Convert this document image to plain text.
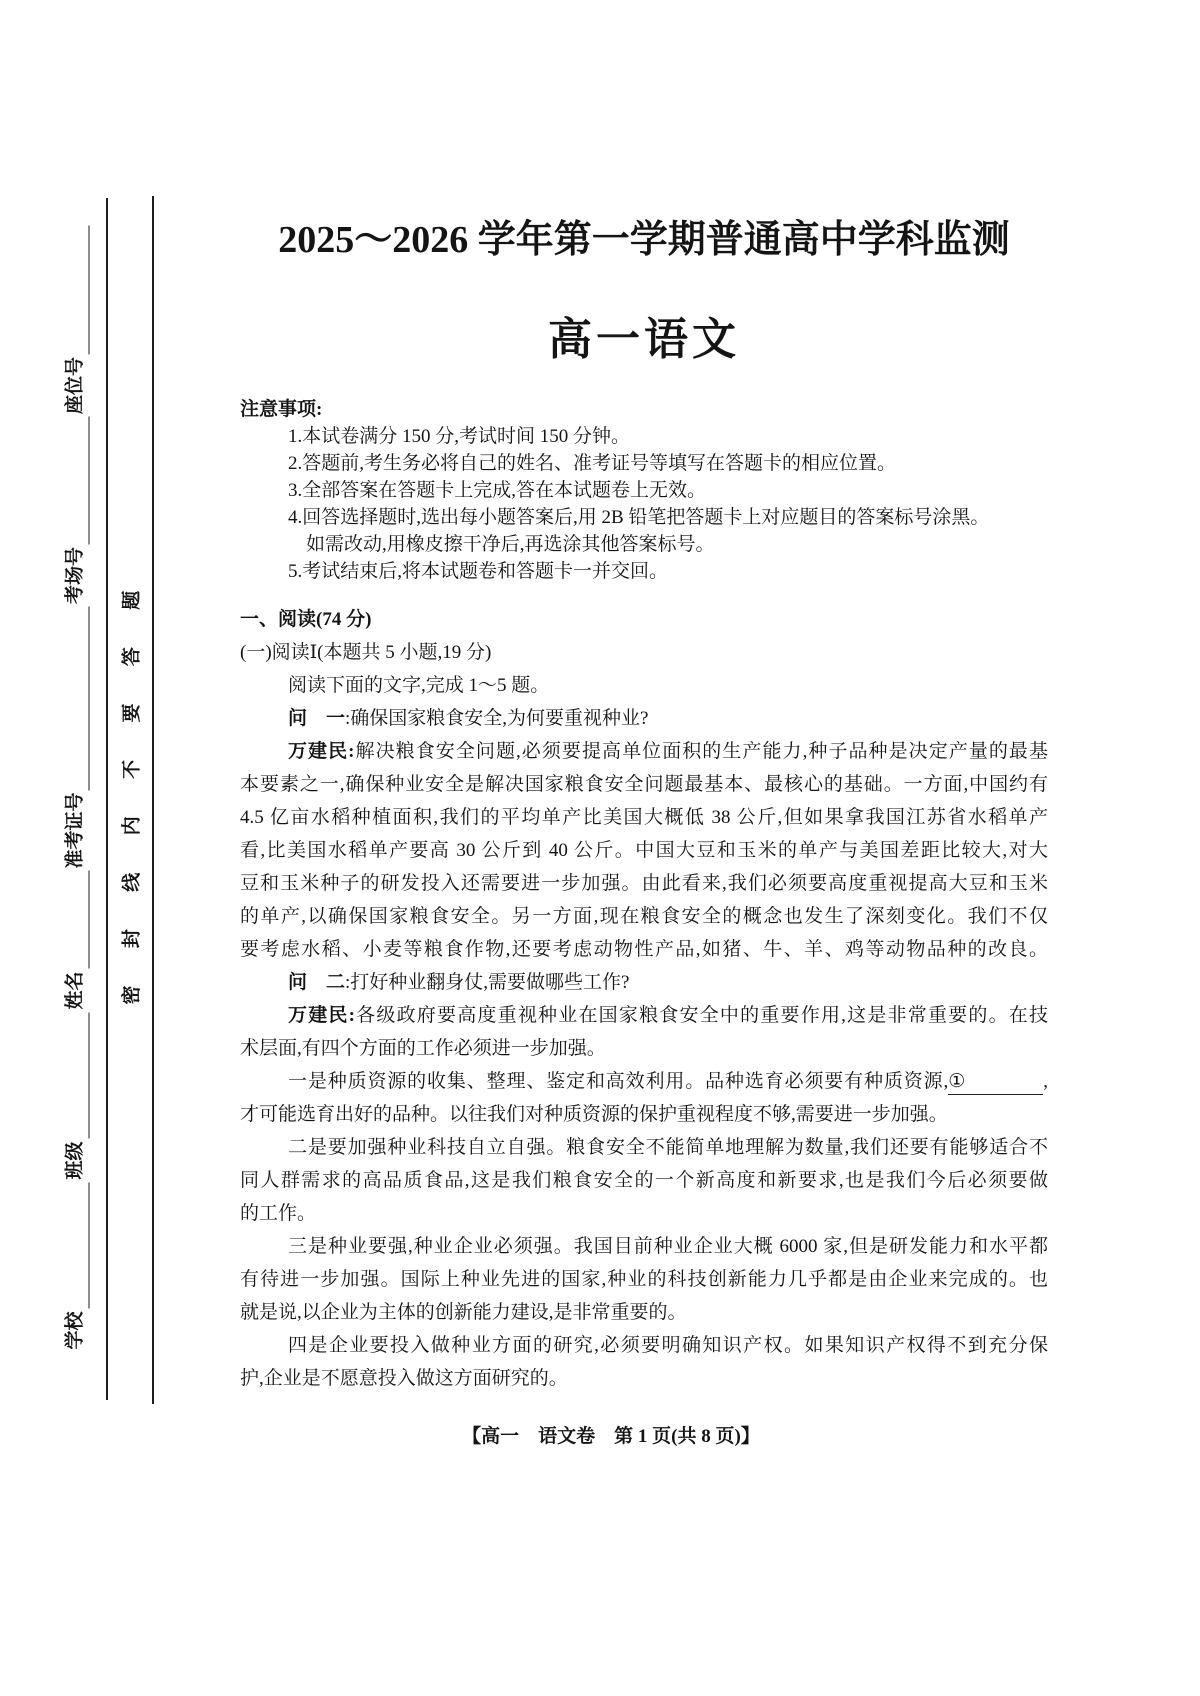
学校
班级
姓名
准考证号
考场号
座位号
密封线内不要答题
2025～2026 学年第一学期普通高中学科监测
高一语文
注意事项:
1.本试卷满分 150 分,考试时间 150 分钟。
2.答题前,考生务必将自己的姓名、准考证号等填写在答题卡的相应位置。
3.全部答案在答题卡上完成,答在本试题卷上无效。
4.回答选择题时,选出每小题答案后,用 2B 铅笔把答题卡上对应题目的答案标号涂黑。
如需改动,用橡皮擦干净后,再选涂其他答案标号。
5.考试结束后,将本试题卷和答题卡一并交回。
一、阅读(74 分)
(一)阅读Ⅰ(本题共 5 小题,19 分)
阅读下面的文字,完成 1～5 题。
问　一:确保国家粮食安全,为何要重视种业?
万建民:解决粮食安全问题,必须要提高单位面积的生产能力,种子品种是决定产量的最基
本要素之一,确保种业安全是解决国家粮食安全问题最基本、最核心的基础。一方面,中国约有
4.5 亿亩水稻种植面积,我们的平均单产比美国大概低 38 公斤,但如果拿我国江苏省水稻单产
看,比美国水稻单产要高 30 公斤到 40 公斤。中国大豆和玉米的单产与美国差距比较大,对大
豆和玉米种子的研发投入还需要进一步加强。由此看来,我们必须要高度重视提高大豆和玉米
的单产,以确保国家粮食安全。另一方面,现在粮食安全的概念也发生了深刻变化。我们不仅
要考虑水稻、小麦等粮食作物,还要考虑动物性产品,如猪、牛、羊、鸡等动物品种的改良。
问　二:打好种业翻身仗,需要做哪些工作?
万建民:各级政府要高度重视种业在国家粮食安全中的重要作用,这是非常重要的。在技
术层面,有四个方面的工作必须进一步加强。
一是种质资源的收集、整理、鉴定和高效利用。品种选育必须要有种质资源,①	,
才可能选育出好的品种。以往我们对种质资源的保护重视程度不够,需要进一步加强。
二是要加强种业科技自立自强。粮食安全不能简单地理解为数量,我们还要有能够适合不
同人群需求的高品质食品,这是我们粮食安全的一个新高度和新要求,也是我们今后必须要做
的工作。
三是种业要强,种业企业必须强。我国目前种业企业大概 6000 家,但是研发能力和水平都
有待进一步加强。国际上种业先进的国家,种业的科技创新能力几乎都是由企业来完成的。也
就是说,以企业为主体的创新能力建设,是非常重要的。
四是企业要投入做种业方面的研究,必须要明确知识产权。如果知识产权得不到充分保
护,企业是不愿意投入做这方面研究的。
【高一　语文卷　第 1 页(共 8 页)】
